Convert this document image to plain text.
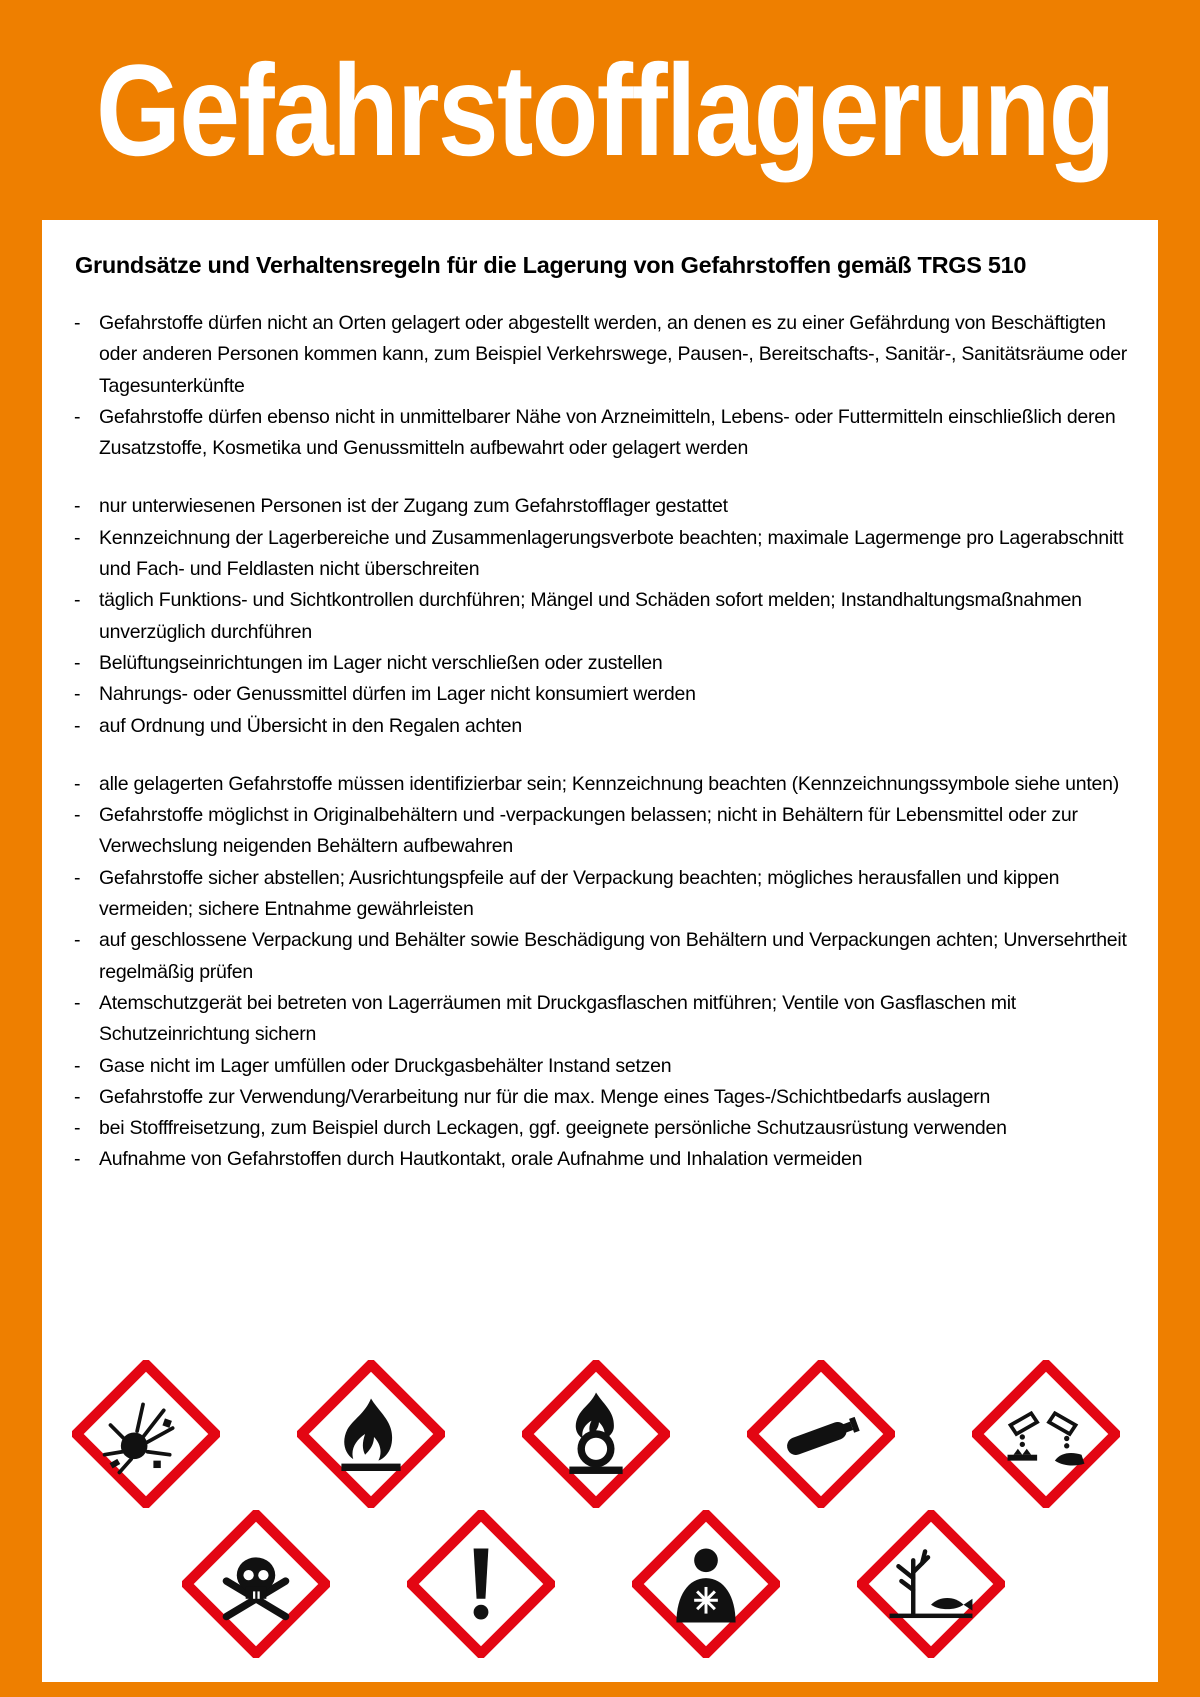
Gefahrstofflagerung
Grundsätze und Verhaltensregeln für die Lagerung von Gefahrstoffen gemäß TRGS 510
- Gefahrstoffe dürfen nicht an Orten gelagert oder abgestellt werden, an denen es zu einer Gefährdung von Beschäftigten oder anderen Personen kommen kann, zum Beispiel Verkehrswege, Pausen-, Bereitschafts-, Sanitär-, Sanitätsräume oder Tagesunterkünfte
- Gefahrstoffe dürfen ebenso nicht in unmittelbarer Nähe von Arzneimitteln, Lebens- oder Futtermitteln einschließlich deren Zusatzstoffe, Kosmetika und Genussmitteln aufbewahrt oder gelagert werden
- nur unterwiesenen Personen ist der Zugang zum Gefahrstofflager gestattet
- Kennzeichnung der Lagerbereiche und Zusammenlagerungsverbote beachten; maximale Lagermenge pro Lagerabschnitt und Fach- und Feldlasten nicht überschreiten
- täglich Funktions- und Sichtkontrollen durchführen; Mängel und Schäden sofort melden; Instandhaltungsmaßnahmen unverzüglich durchführen
- Belüftungseinrichtungen im Lager nicht verschließen oder zustellen
- Nahrungs- oder Genussmittel dürfen im Lager nicht konsumiert werden
- auf Ordnung und Übersicht in den Regalen achten
- alle gelagerten Gefahrstoffe müssen identifizierbar sein; Kennzeichnung beachten (Kennzeichnungssymbole siehe unten)
- Gefahrstoffe möglichst in Originalbehältern und -verpackungen belassen; nicht in Behältern für Lebensmittel oder zur Verwechslung neigenden Behältern aufbewahren
- Gefahrstoffe sicher abstellen; Ausrichtungspfeile auf der Verpackung beachten; mögliches herausfallen und kippen vermeiden; sichere Entnahme gewährleisten
- auf geschlossene Verpackung und Behälter sowie Beschädigung von Behältern und Verpackungen achten; Unversehrtheit regelmäßig prüfen
- Atemschutzgerät bei betreten von Lagerräumen mit Druckgasflaschen mitführen; Ventile von Gasflaschen mit Schutzeinrichtung sichern
- Gase nicht im Lager umfüllen oder Druckgasbehälter Instand setzen
- Gefahrstoffe zur Verwendung/Verarbeitung nur für die max. Menge eines Tages-/Schichtbedarfs auslagern
- bei Stofffreisetzung, zum Beispiel durch Leckagen, ggf. geeignete persönliche Schutzausrüstung verwenden
- Aufnahme von Gefahrstoffen durch Hautkontakt, orale Aufnahme und Inhalation vermeiden
